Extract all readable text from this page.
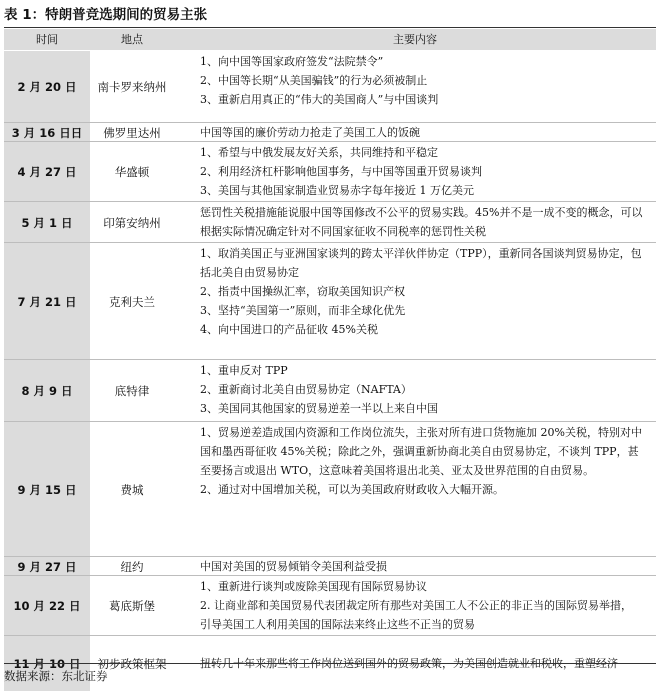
表 1：特朗普竞选期间的贸易主张
时间	地点	主要内容
2 月 20 日	南卡罗来纳州
1、向中国等国家政府签发“法院禁令”
2、中国等长期“从美国骗钱”的行为必须被制止
3、重新启用真正的“伟大的美国商人”与中国谈判
3 月 16 日日	佛罗里达州	中国等国的廉价劳动力抢走了美国工人的饭碗
4 月 27 日	华盛顿
1、希望与中俄发展友好关系，共同维持和平稳定
2、利用经济杠杆影响他国事务，与中国等国重开贸易谈判
3、美国与其他国家制造业贸易赤字每年接近 1 万亿美元
5 月 1 日	印第安纳州
惩罚性关税措施能说服中国等国修改不公平的贸易实践。45%并不是一成不变的概念，可以根据实际情况确定针对不同国家征收不同税率的惩罚性关税
7 月 21 日	克利夫兰
1、取消美国正与亚洲国家谈判的跨太平洋伙伴协定（TPP），重新同各国谈判贸易协定，包括北美自由贸易协定
2、指责中国操纵汇率，窃取美国知识产权
3、坚持“美国第一”原则，而非全球化优先
4、向中国进口的产品征收 45%关税
8 月 9 日	底特律
1、重申反对 TPP
2、重新商讨北美自由贸易协定（NAFTA）
3、美国同其他国家的贸易逆差一半以上来自中国
9 月 15 日	费城
1、贸易逆差造成国内资源和工作岗位流失，主张对所有进口货物施加 20%关税，特别对中国和墨西哥征收 45%关税；除此之外，强调重新协商北美自由贸易协定，不谈判 TPP，甚至要扬言或退出 WTO，这意味着美国将退出北美、亚太及世界范围的自由贸易。
2、通过对中国增加关税，可以为美国政府财政收入大幅开源。
9 月 27 日	纽约	中国对美国的贸易倾销令美国利益受损
10 月 22 日	葛底斯堡
1、重新进行谈判或废除美国现有国际贸易协议
2. 让商业部和美国贸易代表团裁定所有那些对美国工人不公正的非正当的国际贸易举措， 引导美国工人利用美国的国际法来终止这些不正当的贸易
11 月 10 日	初步政策框架	扭转几十年来那些将工作岗位送到国外的贸易政策，为美国创造就业和税收，重塑经济
数据来源：东北证券
